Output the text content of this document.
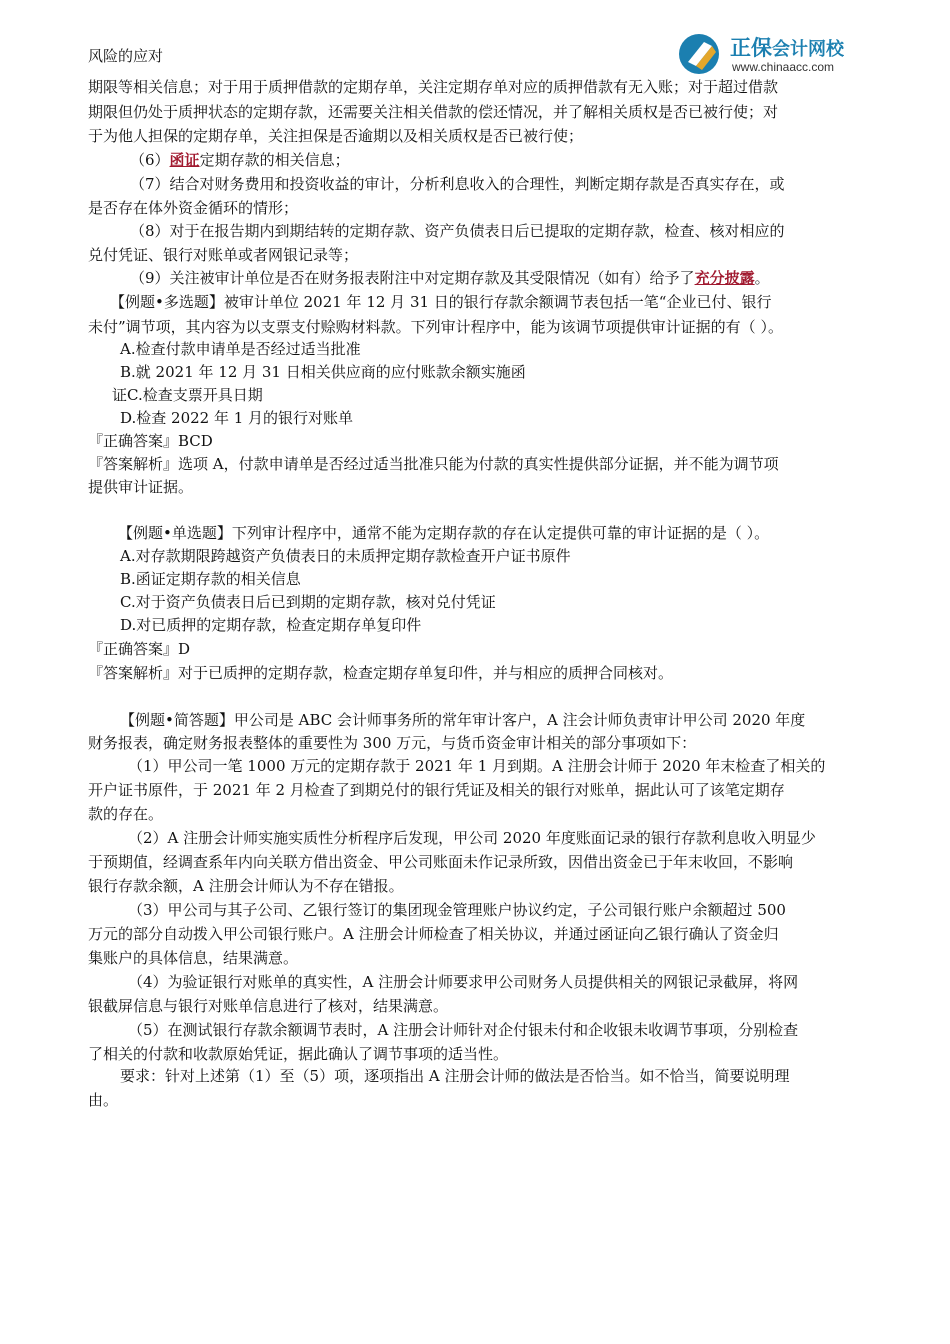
正保会计网校
www.chinaacc.com
风险的应对
期限等相关信息；对于用于质押借款的定期存单，关注定期存单对应的质押借款有无入账；对于超过借款
期限但仍处于质押状态的定期存款，还需要关注相关借款的偿还情况，并了解相关质权是否已被行使；对
于为他人担保的定期存单，关注担保是否逾期以及相关质权是否已被行使；
（6）函证定期存款的相关信息；
（7）结合对财务费用和投资收益的审计，分析利息收入的合理性，判断定期存款是否真实存在，或
是否存在体外资金循环的情形；
（8）对于在报告期内到期结转的定期存款、资产负债表日后已提取的定期存款，检查、核对相应的
兑付凭证、银行对账单或者网银记录等；
（9）关注被审计单位是否在财务报表附注中对定期存款及其受限情况（如有）给予了充分披露。
【例题•多选题】被审计单位 2021 年 12 月 31 日的银行存款余额调节表包括一笔“企业已付、银行
未付”调节项，其内容为以支票支付赊购材料款。下列审计程序中，能为该调节项提供审计证据的有（ ）。
A.检查付款申请单是否经过适当批准
B.就 2021 年 12 月 31 日相关供应商的应付账款余额实施函
证C.检查支票开具日期
D.检查 2022 年 1 月的银行对账单
『正确答案』BCD
『答案解析』选项 A，付款申请单是否经过适当批准只能为付款的真实性提供部分证据，并不能为调节项
提供审计证据。
【例题•单选题】下列审计程序中，通常不能为定期存款的存在认定提供可靠的审计证据的是（ ）。
A.对存款期限跨越资产负债表日的未质押定期存款检查开户证书原件
B.函证定期存款的相关信息
C.对于资产负债表日后已到期的定期存款，核对兑付凭证
D.对已质押的定期存款，检查定期存单复印件
『正确答案』D
『答案解析』对于已质押的定期存款，检查定期存单复印件，并与相应的质押合同核对。
【例题•简答题】甲公司是 ABC 会计师事务所的常年审计客户，A 注会计师负责审计甲公司 2020 年度
财务报表，确定财务报表整体的重要性为 300 万元，与货币资金审计相关的部分事项如下：
（1）甲公司一笔 1000 万元的定期存款于 2021 年 1 月到期。A 注册会计师于 2020 年末检查了相关的
开户证书原件，于 2021 年 2 月检查了到期兑付的银行凭证及相关的银行对账单，据此认可了该笔定期存
款的存在。
（2）A 注册会计师实施实质性分析程序后发现，甲公司 2020 年度账面记录的银行存款利息收入明显少
于预期值，经调查系年内向关联方借出资金、甲公司账面未作记录所致，因借出资金已于年末收回，不影响
银行存款余额，A 注册会计师认为不存在错报。
（3）甲公司与其子公司、乙银行签订的集团现金管理账户协议约定，子公司银行账户余额超过 500
万元的部分自动拨入甲公司银行账户。A 注册会计师检查了相关协议，并通过函证向乙银行确认了资金归
集账户的具体信息，结果满意。
（4）为验证银行对账单的真实性，A 注册会计师要求甲公司财务人员提供相关的网银记录截屏，将网
银截屏信息与银行对账单信息进行了核对，结果满意。
（5）在测试银行存款余额调节表时，A 注册会计师针对企付银未付和企收银未收调节事项，分别检查
了相关的付款和收款原始凭证，据此确认了调节事项的适当性。
要求：针对上述第（1）至（5）项，逐项指出 A 注册会计师的做法是否恰当。如不恰当，简要说明理
由。
